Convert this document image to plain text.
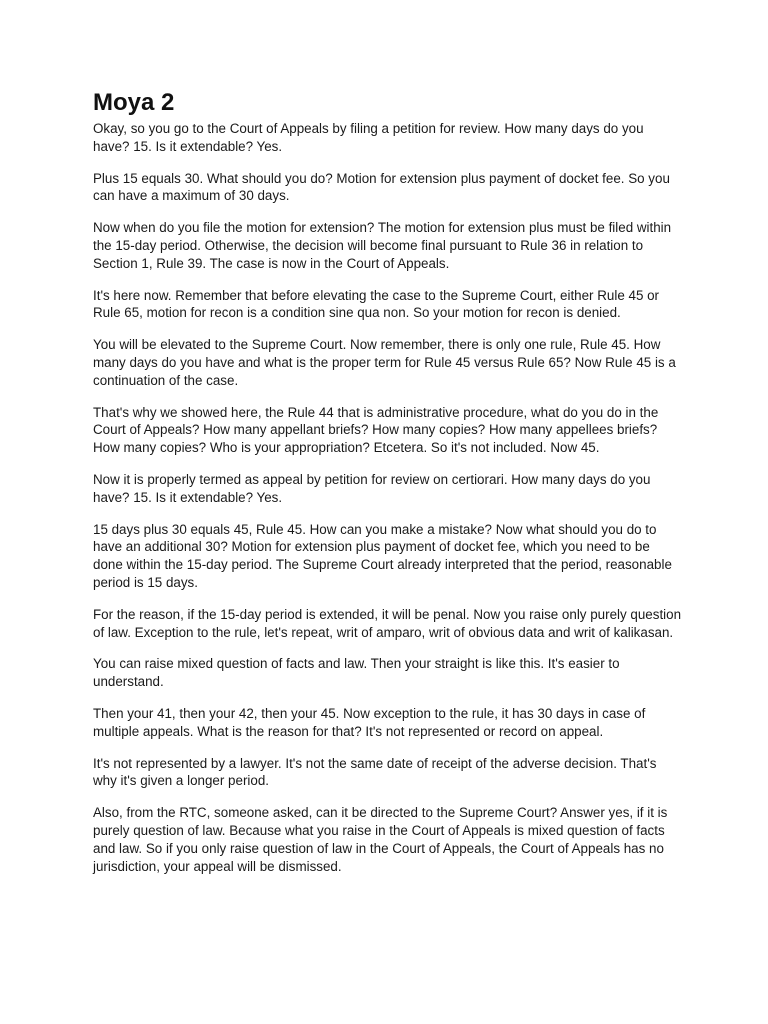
Moya 2

Okay, so you go to the Court of Appeals by filing a petition for review. How many days do you have? 15. Is it extendable? Yes.

Plus 15 equals 30. What should you do? Motion for extension plus payment of docket fee. So you can have a maximum of 30 days.

Now when do you file the motion for extension? The motion for extension plus must be filed within the 15-day period. Otherwise, the decision will become final pursuant to Rule 36 in relation to Section 1, Rule 39. The case is now in the Court of Appeals.

It's here now. Remember that before elevating the case to the Supreme Court, either Rule 45 or Rule 65, motion for recon is a condition sine qua non. So your motion for recon is denied.

You will be elevated to the Supreme Court. Now remember, there is only one rule, Rule 45. How many days do you have and what is the proper term for Rule 45 versus Rule 65? Now Rule 45 is a continuation of the case.

That's why we showed here, the Rule 44 that is administrative procedure, what do you do in the Court of Appeals? How many appellant briefs? How many copies? How many appellees briefs? How many copies? Who is your appropriation? Etcetera. So it's not included. Now 45.

Now it is properly termed as appeal by petition for review on certiorari. How many days do you have? 15. Is it extendable? Yes.

15 days plus 30 equals 45, Rule 45. How can you make a mistake? Now what should you do to have an additional 30? Motion for extension plus payment of docket fee, which you need to be done within the 15-day period. The Supreme Court already interpreted that the period, reasonable period is 15 days.

For the reason, if the 15-day period is extended, it will be penal. Now you raise only purely question of law. Exception to the rule, let's repeat, writ of amparo, writ of obvious data and writ of kalikasan.

You can raise mixed question of facts and law. Then your straight is like this. It's easier to understand.

Then your 41, then your 42, then your 45. Now exception to the rule, it has 30 days in case of multiple appeals. What is the reason for that? It's not represented or record on appeal.

It's not represented by a lawyer. It's not the same date of receipt of the adverse decision. That's why it's given a longer period.

Also, from the RTC, someone asked, can it be directed to the Supreme Court? Answer yes, if it is purely question of law. Because what you raise in the Court of Appeals is mixed question of facts and law. So if you only raise question of law in the Court of Appeals, the Court of Appeals has no jurisdiction, your appeal will be dismissed.
